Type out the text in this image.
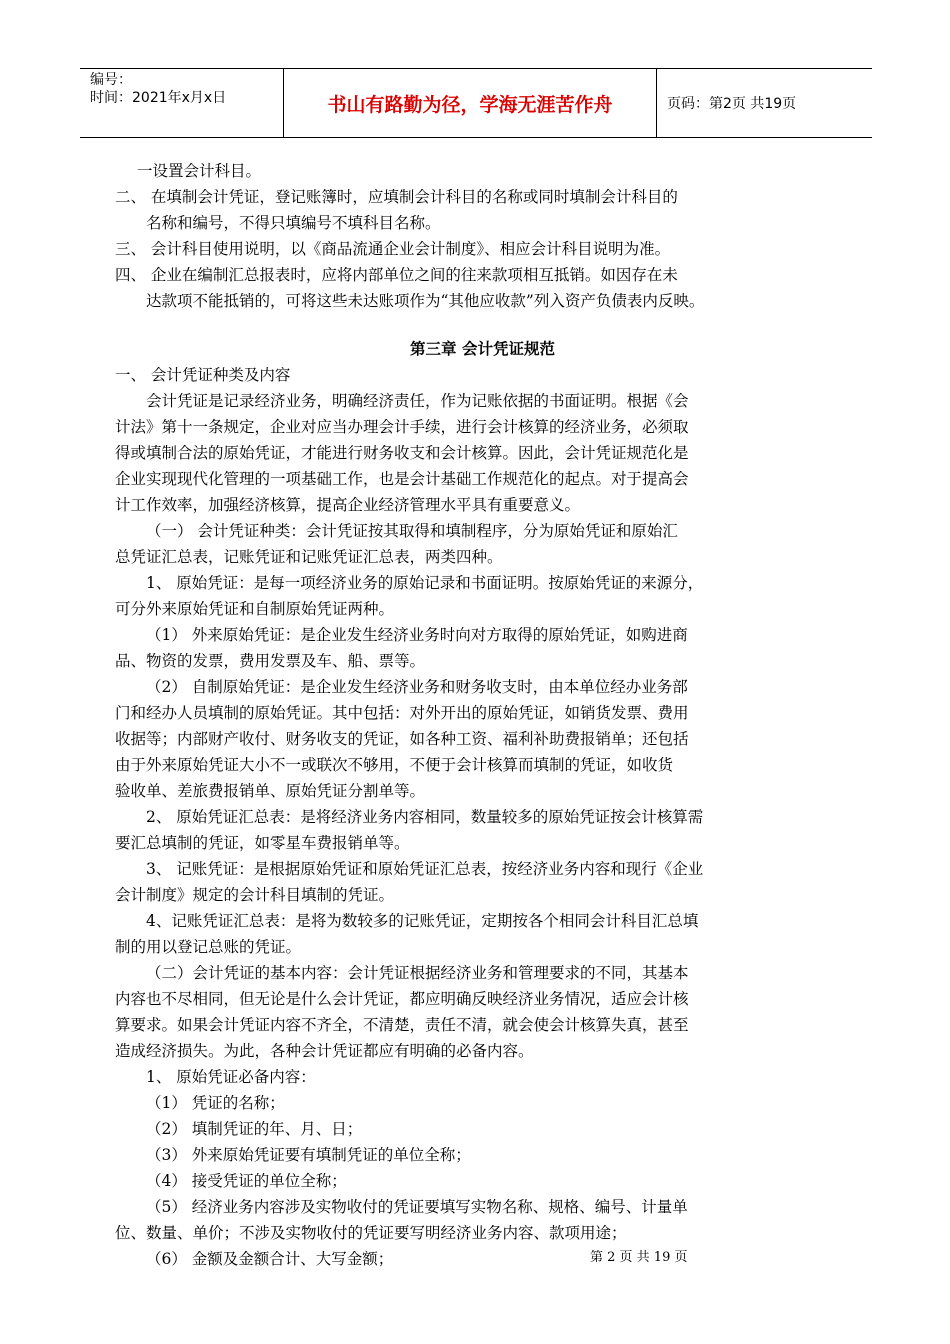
编号：
时间：2021年x月x日	书山有路勤为径，学海无涯苦作舟	页码：第2页 共19页
一设置会计科目。
二、 在填制会计凭证，登记账簿时，应填制会计科目的名称或同时填制会计科目的
名称和编号，不得只填编号不填科目名称。
三、 会计科目使用说明，以《商品流通企业会计制度》、相应会计科目说明为准。
四、 企业在编制汇总报表时，应将内部单位之间的往来款项相互抵销。如因存在未
达款项不能抵销的，可将这些未达账项作为“其他应收款”列入资产负债表内反映。
第三章 会计凭证规范
一、 会计凭证种类及内容
会计凭证是记录经济业务，明确经济责任，作为记账依据的书面证明。根据《会
计法》第十一条规定，企业对应当办理会计手续，进行会计核算的经济业务，必须取
得或填制合法的原始凭证，才能进行财务收支和会计核算。因此，会计凭证规范化是
企业实现现代化管理的一项基础工作，也是会计基础工作规范化的起点。对于提高会
计工作效率，加强经济核算，提高企业经济管理水平具有重要意义。
（一） 会计凭证种类：会计凭证按其取得和填制程序，分为原始凭证和原始汇
总凭证汇总表，记账凭证和记账凭证汇总表，两类四种。
1、 原始凭证：是每一项经济业务的原始记录和书面证明。按原始凭证的来源分，
可分外来原始凭证和自制原始凭证两种。
（1） 外来原始凭证：是企业发生经济业务时向对方取得的原始凭证，如购进商
品、物资的发票，费用发票及车、船、票等。
（2） 自制原始凭证：是企业发生经济业务和财务收支时，由本单位经办业务部
门和经办人员填制的原始凭证。其中包括：对外开出的原始凭证，如销货发票、费用
收据等；内部财产收付、财务收支的凭证，如各种工资、福利补助费报销单；还包括
由于外来原始凭证大小不一或联次不够用，不便于会计核算而填制的凭证，如收货
验收单、差旅费报销单、原始凭证分割单等。
2、 原始凭证汇总表：是将经济业务内容相同，数量较多的原始凭证按会计核算需
要汇总填制的凭证，如零星车费报销单等。
3、 记账凭证：是根据原始凭证和原始凭证汇总表，按经济业务内容和现行《企业
会计制度》规定的会计科目填制的凭证。
4、记账凭证汇总表：是将为数较多的记账凭证，定期按各个相同会计科目汇总填
制的用以登记总账的凭证。
（二）会计凭证的基本内容：会计凭证根据经济业务和管理要求的不同，其基本
内容也不尽相同，但无论是什么会计凭证，都应明确反映经济业务情况，适应会计核
算要求。如果会计凭证内容不齐全，不清楚，责任不清，就会使会计核算失真，甚至
造成经济损失。为此，各种会计凭证都应有明确的必备内容。
1、 原始凭证必备内容：
（1） 凭证的名称；
（2） 填制凭证的年、月、日；
（3） 外来原始凭证要有填制凭证的单位全称；
（4） 接受凭证的单位全称；
（5） 经济业务内容涉及实物收付的凭证要填写实物名称、规格、编号、计量单
位、数量、单价；不涉及实物收付的凭证要写明经济业务内容、款项用途；
（6） 金额及金额合计、大写金额；	第 2 页 共 19 页
